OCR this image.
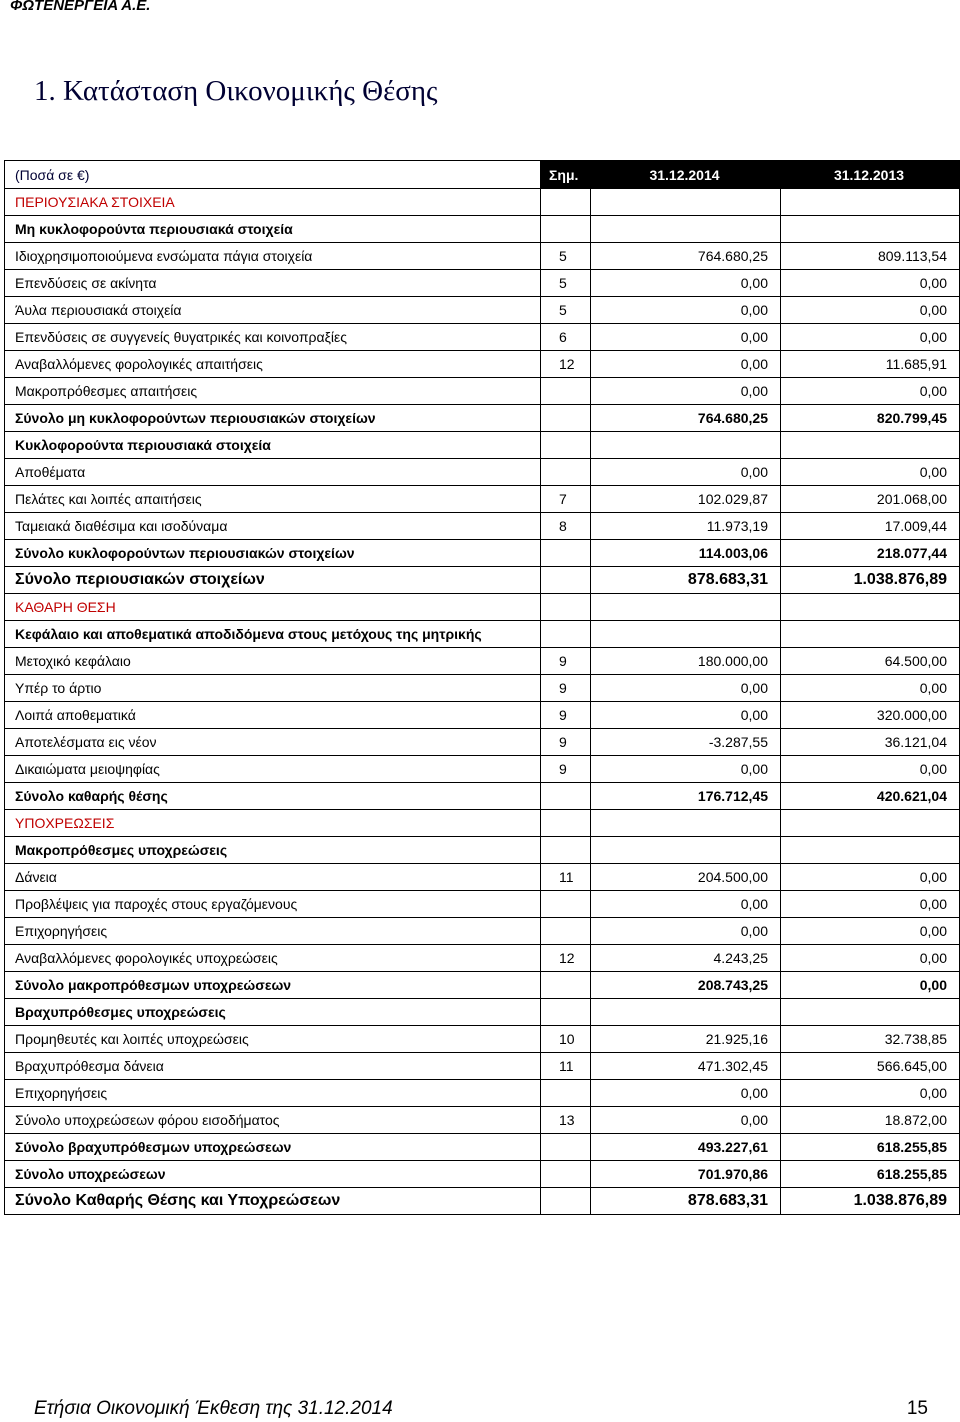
ΦΩΤΕΝΕΡΓΕΙΑ Α.Ε.
1. Κατάσταση Οικονομικής Θέσης
(Ποσά σε €)	Σημ.	31.12.2014	31.12.2013
ΠΕΡΙΟΥΣΙΑΚΑ ΣΤΟΙΧΕΙΑ			
Μη κυκλοφορούντα περιουσιακά στοιχεία			
Ιδιοχρησιμοποιούμενα ενσώματα πάγια στοιχεία	5	764.680,25	809.113,54
Επενδύσεις σε ακίνητα	5	0,00	0,00
Άυλα περιουσιακά στοιχεία	5	0,00	0,00
Επενδύσεις σε συγγενείς θυγατρικές και κοινοπραξίες	6	0,00	0,00
Αναβαλλόμενες φορολογικές απαιτήσεις	12	0,00	11.685,91
Μακροπρόθεσμες απαιτήσεις		0,00	0,00
Σύνολο μη κυκλοφορούντων περιουσιακών στοιχείων		764.680,25	820.799,45
Κυκλοφορούντα περιουσιακά στοιχεία			
Αποθέματα		0,00	0,00
Πελάτες και λοιπές απαιτήσεις	7	102.029,87	201.068,00
Ταμειακά διαθέσιμα και ισοδύναμα	8	11.973,19	17.009,44
Σύνολο κυκλοφορούντων περιουσιακών στοιχείων		114.003,06	218.077,44
Σύνολο περιουσιακών στοιχείων		878.683,31	1.038.876,89
ΚΑΘΑΡΗ ΘΕΣΗ			
Κεφάλαιο και αποθεματικά αποδιδόμενα στους μετόχους της μητρικής			
Μετοχικό κεφάλαιο	9	180.000,00	64.500,00
Υπέρ το άρτιο	9	0,00	0,00
Λοιπά αποθεματικά	9	0,00	320.000,00
Αποτελέσματα εις νέον	9	-3.287,55	36.121,04
Δικαιώματα μειοψηφίας	9	0,00	0,00
Σύνολο καθαρής θέσης		176.712,45	420.621,04
ΥΠΟΧΡΕΩΣΕΙΣ			
Μακροπρόθεσμες υποχρεώσεις			
Δάνεια	11	204.500,00	0,00
Προβλέψεις για παροχές στους εργαζόμενους		0,00	0,00
Επιχορηγήσεις		0,00	0,00
Αναβαλλόμενες φορολογικές υποχρεώσεις	12	4.243,25	0,00
Σύνολο μακροπρόθεσμων υποχρεώσεων		208.743,25	0,00
Βραχυπρόθεσμες υποχρεώσεις			
Προμηθευτές και λοιπές υποχρεώσεις	10	21.925,16	32.738,85
Βραχυπρόθεσμα δάνεια	11	471.302,45	566.645,00
Επιχορηγήσεις		0,00	0,00
Σύνολο υποχρεώσεων φόρου εισοδήματος	13	0,00	18.872,00
Σύνολο βραχυπρόθεσμων υποχρεώσεων		493.227,61	618.255,85
Σύνολο υποχρεώσεων		701.970,86	618.255,85
Σύνολο Καθαρής Θέσης και Υποχρεώσεων		878.683,31	1.038.876,89
Ετήσια Οικονομική Έκθεση της 31.12.2014	15
